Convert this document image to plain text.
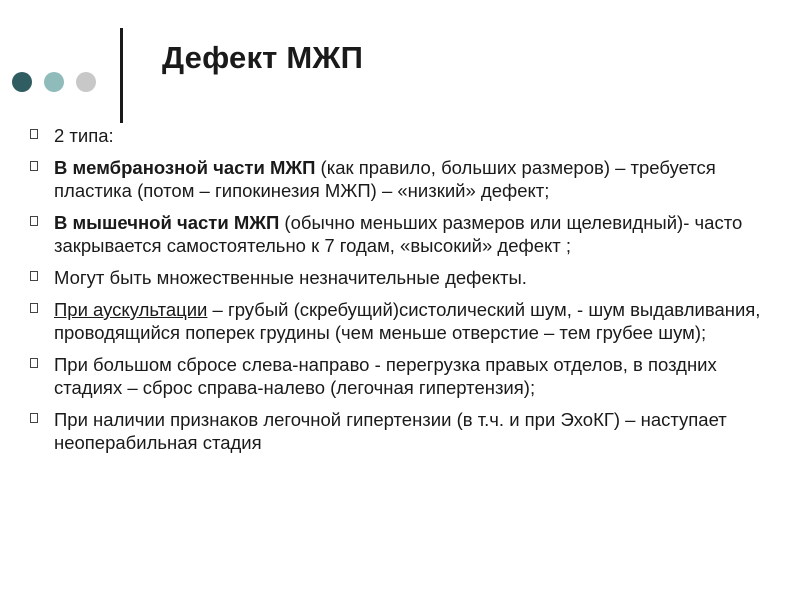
Дефект МЖП
2 типа:
В мембранозной части МЖП (как правило, больших размеров) – требуется пластика (потом – гипокинезия МЖП) – «низкий» дефект;
В мышечной части МЖП (обычно меньших размеров или щелевидный)- часто закрывается самостоятельно к 7 годам, «высокий» дефект ;
Могут быть множественные незначительные дефекты.
При аускультации – грубый (скребущий)систолический шум, - шум выдавливания, проводящийся поперек грудины (чем меньше отверстие – тем грубее шум);
При большом сбросе слева-направо - перегрузка правых отделов, в поздних стадиях – сброс справа-налево (легочная гипертензия);
При наличии признаков легочной гипертензии (в т.ч. и при ЭхоКГ) – наступает неоперабильная стадия
